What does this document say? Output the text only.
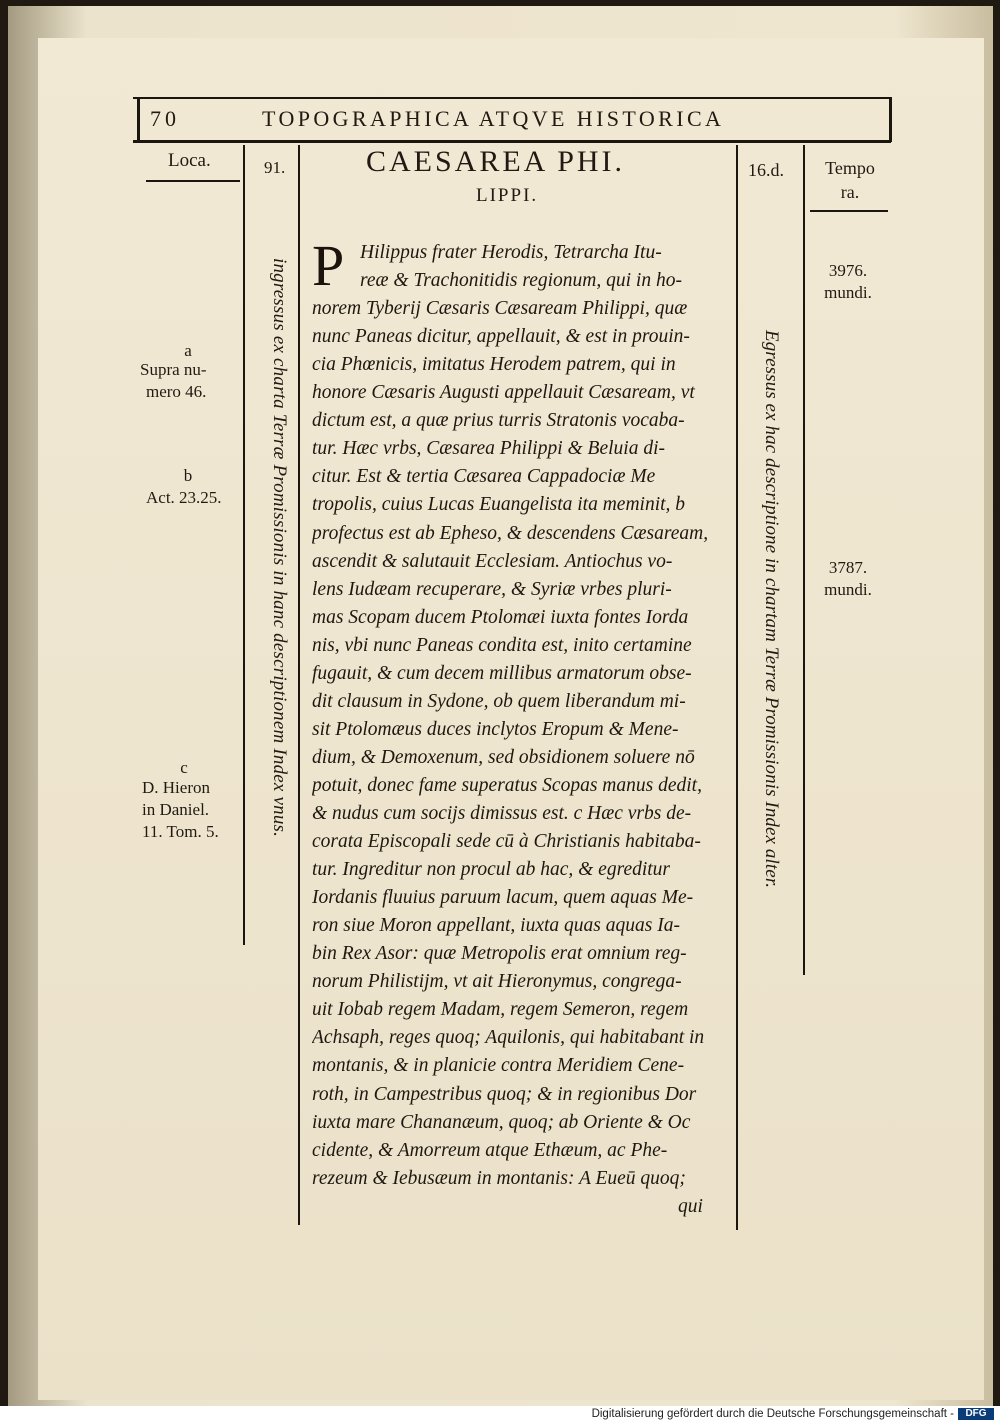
70	TOPOGRAPHICA ATQVE HISTORICA
Loca.	91.	16.d.	Tempo
ra.
CAESAREA PHI.
LIPPI.
a
Supra nu-
mero 46.
b
Act. 23.25.
c
D. Hieron
in Daniel.
11. Tom. 5.
3976.
mundi.
3787.
mundi.
ingressus ex charta Terræ Promissionis in hanc descriptionem Index vnus.	Egressus ex hac descriptione in chartam Terræ Promissionis Index alter.
P Hilippus frater Herodis, Tetrarcha Itu-
reæ & Trachonitidis regionum, qui in ho-
norem Tyberij Cæsaris Cæsaream Philippi, quæ
nunc Paneas dicitur, appellauit, & est in prouin-
cia Phœnicis, imitatus Herodem patrem, qui in
honore Cæsaris Augusti appellauit Cæsaream, vt
dictum est, a quæ prius turris Stratonis vocaba-
tur. Hæc vrbs, Cæsarea Philippi & Beluia di-
citur. Est & tertia Cæsarea Cappadociæ Me
tropolis, cuius Lucas Euangelista ita meminit, b
profectus est ab Epheso, & descendens Cæsaream,
ascendit & salutauit Ecclesiam. Antiochus vo-
lens Iudæam recuperare, & Syriæ vrbes pluri-
mas Scopam ducem Ptolomæi iuxta fontes Iorda
nis, vbi nunc Paneas condita est, inito certamine
fugauit, & cum decem millibus armatorum obse-
dit clausum in Sydone, ob quem liberandum mi-
sit Ptolomæus duces inclytos Eropum & Mene-
dium, & Demoxenum, sed obsidionem soluere nō
potuit, donec fame superatus Scopas manus dedit,
& nudus cum socijs dimissus est. c Hæc vrbs de-
corata Episcopali sede cū à Christianis habitaba-
tur. Ingreditur non procul ab hac, & egreditur
Iordanis fluuius paruum lacum, quem aquas Me-
ron siue Moron appellant, iuxta quas aquas Ia-
bin Rex Asor: quæ Metropolis erat omnium reg-
norum Philistijm, vt ait Hieronymus, congrega-
uit Iobab regem Madam, regem Semeron, regem
Achsaph, reges quoq; Aquilonis, qui habitabant in
montanis, & in planicie contra Meridiem Cene-
roth, in Campestribus quoq; & in regionibus Dor
iuxta mare Chananæum, quoq; ab Oriente & Oc
cidente, & Amorreum atque Ethæum, ac Phe-
rezeum & Iebusæum in montanis: A Eueū quoq;
qui
Digitalisierung gefördert durch die Deutsche Forschungsgemeinschaft -	DFG
